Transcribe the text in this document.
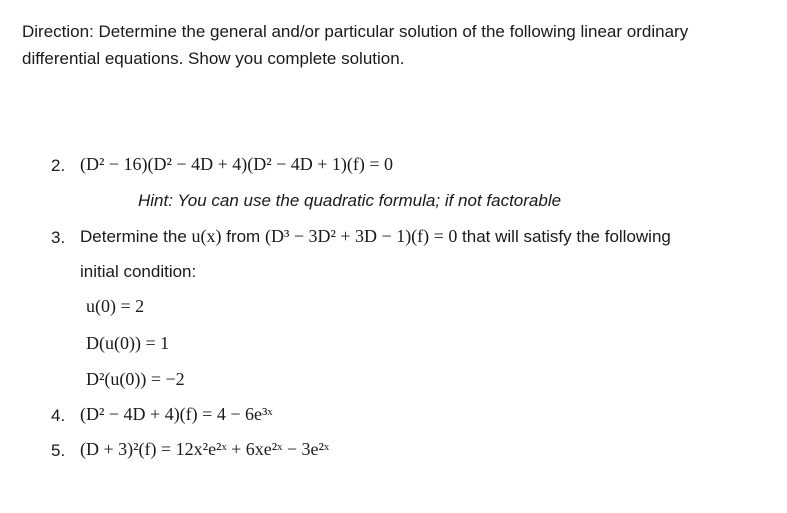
Direction: Determine the general and/or particular solution of the following linear ordinary
differential equations. Show you complete solution.
2. (D² − 16)(D² − 4D + 4)(D² − 4D + 1)(f) = 0
Hint: You can use the quadratic formula; if not factorable
3. Determine the u(x) from (D³ − 3D² + 3D − 1)(f) = 0 that will satisfy the following
initial condition:
u(0) = 2
D(u(0)) = 1
D²(u(0)) = −2
4. (D² − 4D + 4)(f) = 4 − 6e³ˣ
5. (D + 3)²(f) = 12x²e²ˣ + 6xe²ˣ − 3e²ˣ
